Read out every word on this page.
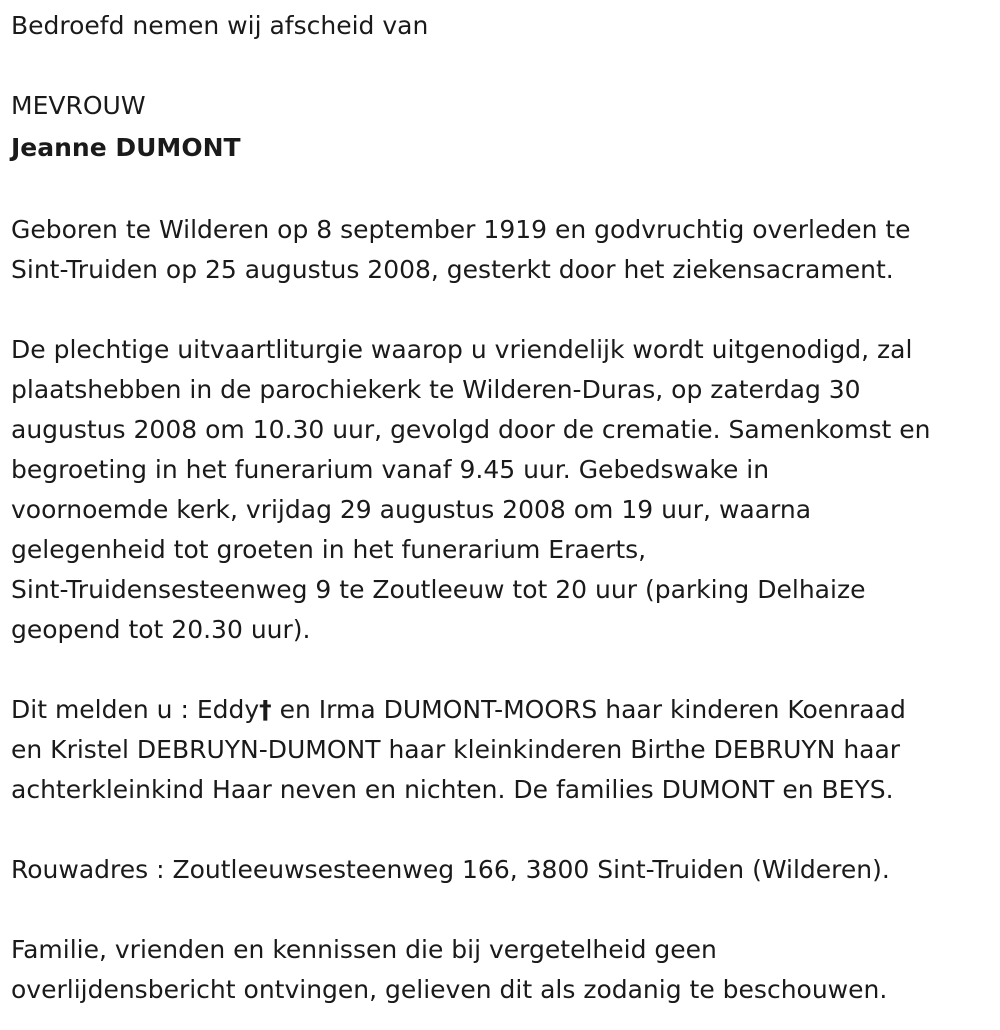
Bedroefd nemen wij afscheid van

MEVROUW

Jeanne DUMONT

Geboren te Wilderen op 8 september 1919 en godvruchtig overleden te

Sint-Truiden op 25 augustus 2008, gesterkt door het ziekensacrament.

De plechtige uitvaartliturgie waarop u vriendelijk wordt uitgenodigd, zal

plaatshebben in de parochiekerk te Wilderen-Duras, op zaterdag 30

augustus 2008 om 10.30 uur, gevolgd door de crematie. Samenkomst en

begroeting in het funerarium vanaf 9.45 uur. Gebedswake in

voornoemde kerk, vrijdag 29 augustus 2008 om 19 uur, waarna

gelegenheid tot groeten in het funerarium Eraerts,

Sint-Truidensesteenweg 9 te Zoutleeuw tot 20 uur (parking Delhaize

geopend tot 20.30 uur).

Dit melden u : Eddy† en Irma DUMONT-MOORS haar kinderen Koenraad

en Kristel DEBRUYN-DUMONT haar kleinkinderen Birthe DEBRUYN haar

achterkleinkind Haar neven en nichten. De families DUMONT en BEYS.

Rouwadres : Zoutleeuwsesteenweg 166, 3800 Sint-Truiden (Wilderen).

Familie, vrienden en kennissen die bij vergetelheid geen

overlijdensbericht ontvingen, gelieven dit als zodanig te beschouwen.
